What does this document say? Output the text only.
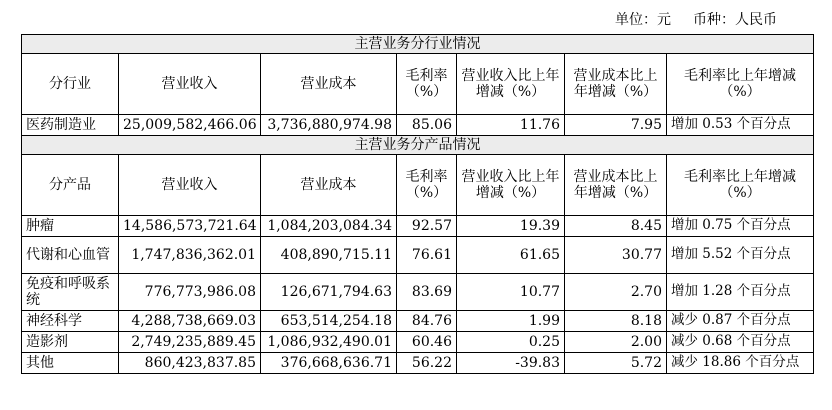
单位：元 币种：人民币
主营业务分行业情况						
分行业	营业收入	营业成本	毛利率（%）	营业收入比上年增减（%）	营业成本比上年增减（%）	毛利率比上年增减（%）
医药制造业	25,009,582,466.06	3,736,880,974.98	85.06	11.76	7.95	增加 0.53 个百分点
主营业务分产品情况						
分产品	营业收入	营业成本	毛利率（%）	营业收入比上年增减（%）	营业成本比上年增减（%）	毛利率比上年增减（%）
肿瘤	14,586,573,721.64	1,084,203,084.34	92.57	19.39	8.45	增加 0.75 个百分点
代谢和心血管	1,747,836,362.01	408,890,715.11	76.61	61.65	30.77	增加 5.52 个百分点
免疫和呼吸系统	776,773,986.08	126,671,794.63	83.69	10.77	2.70	增加 1.28 个百分点
神经科学	4,288,738,669.03	653,514,254.18	84.76	1.99	8.18	减少 0.87 个百分点
造影剂	2,749,235,889.45	1,086,932,490.01	60.46	0.25	2.00	减少 0.68 个百分点
其他	860,423,837.85	376,668,636.71	56.22	-39.83	5.72	减少 18.86 个百分点
